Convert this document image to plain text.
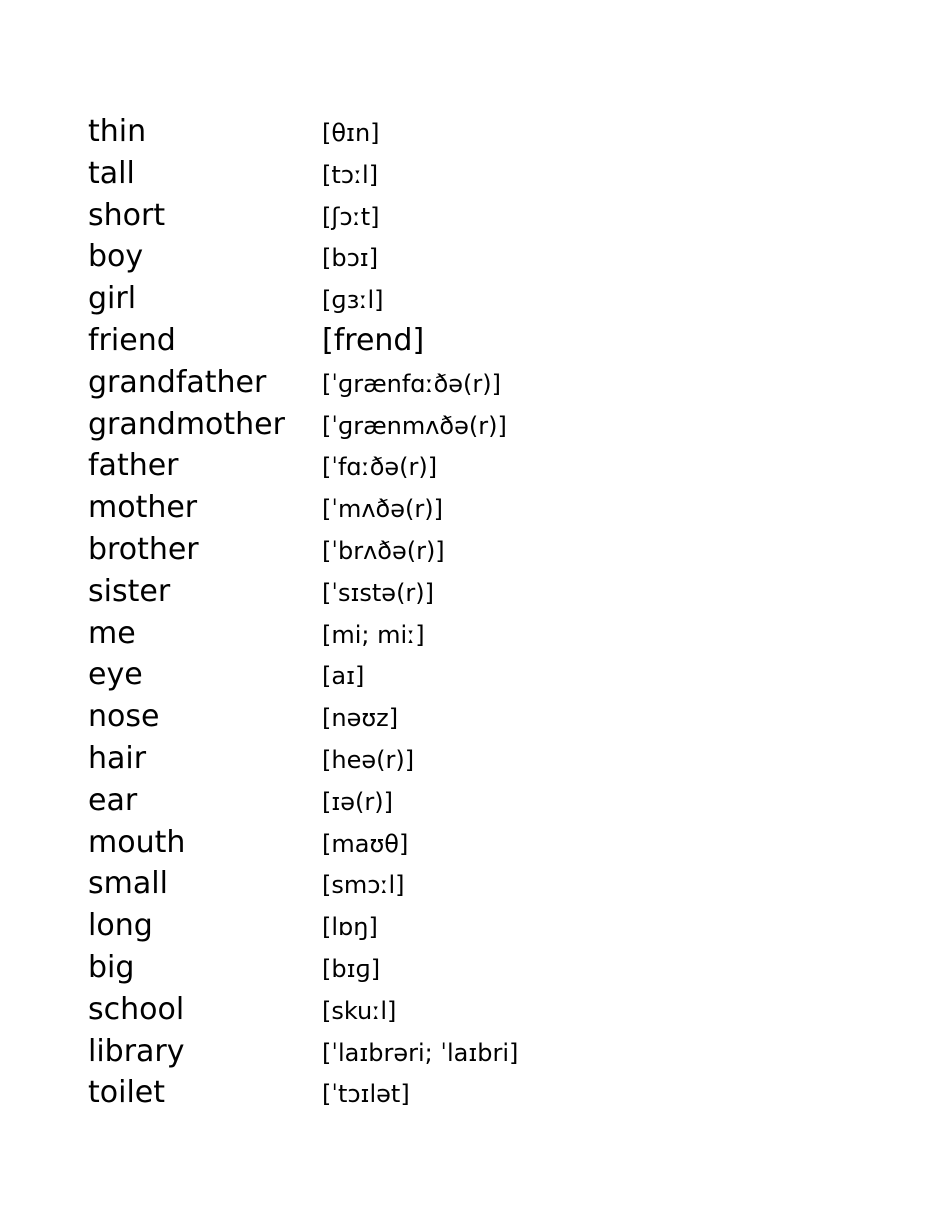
thin	[θɪn]
tall	[tɔːl]
short	[ʃɔːt]
boy	[bɔɪ]
girl	[ɡɜːl]
friend	[frend]
grandfather	[ˈɡrænfɑːðə(r)]
grandmother	[ˈɡrænmʌðə(r)]
father	[ˈfɑːðə(r)]
mother	[ˈmʌðə(r)]
brother	[ˈbrʌðə(r)]
sister	[ˈsɪstə(r)]
me	[mi; miː]
eye	[aɪ]
nose	[nəʊz]
hair	[heə(r)]
ear	[ɪə(r)]
mouth	[maʊθ]
small	[smɔːl]
long	[lɒŋ]
big	[bɪɡ]
school	[skuːl]
library	[ˈlaɪbrəri; ˈlaɪbri]
toilet	[ˈtɔɪlət]
